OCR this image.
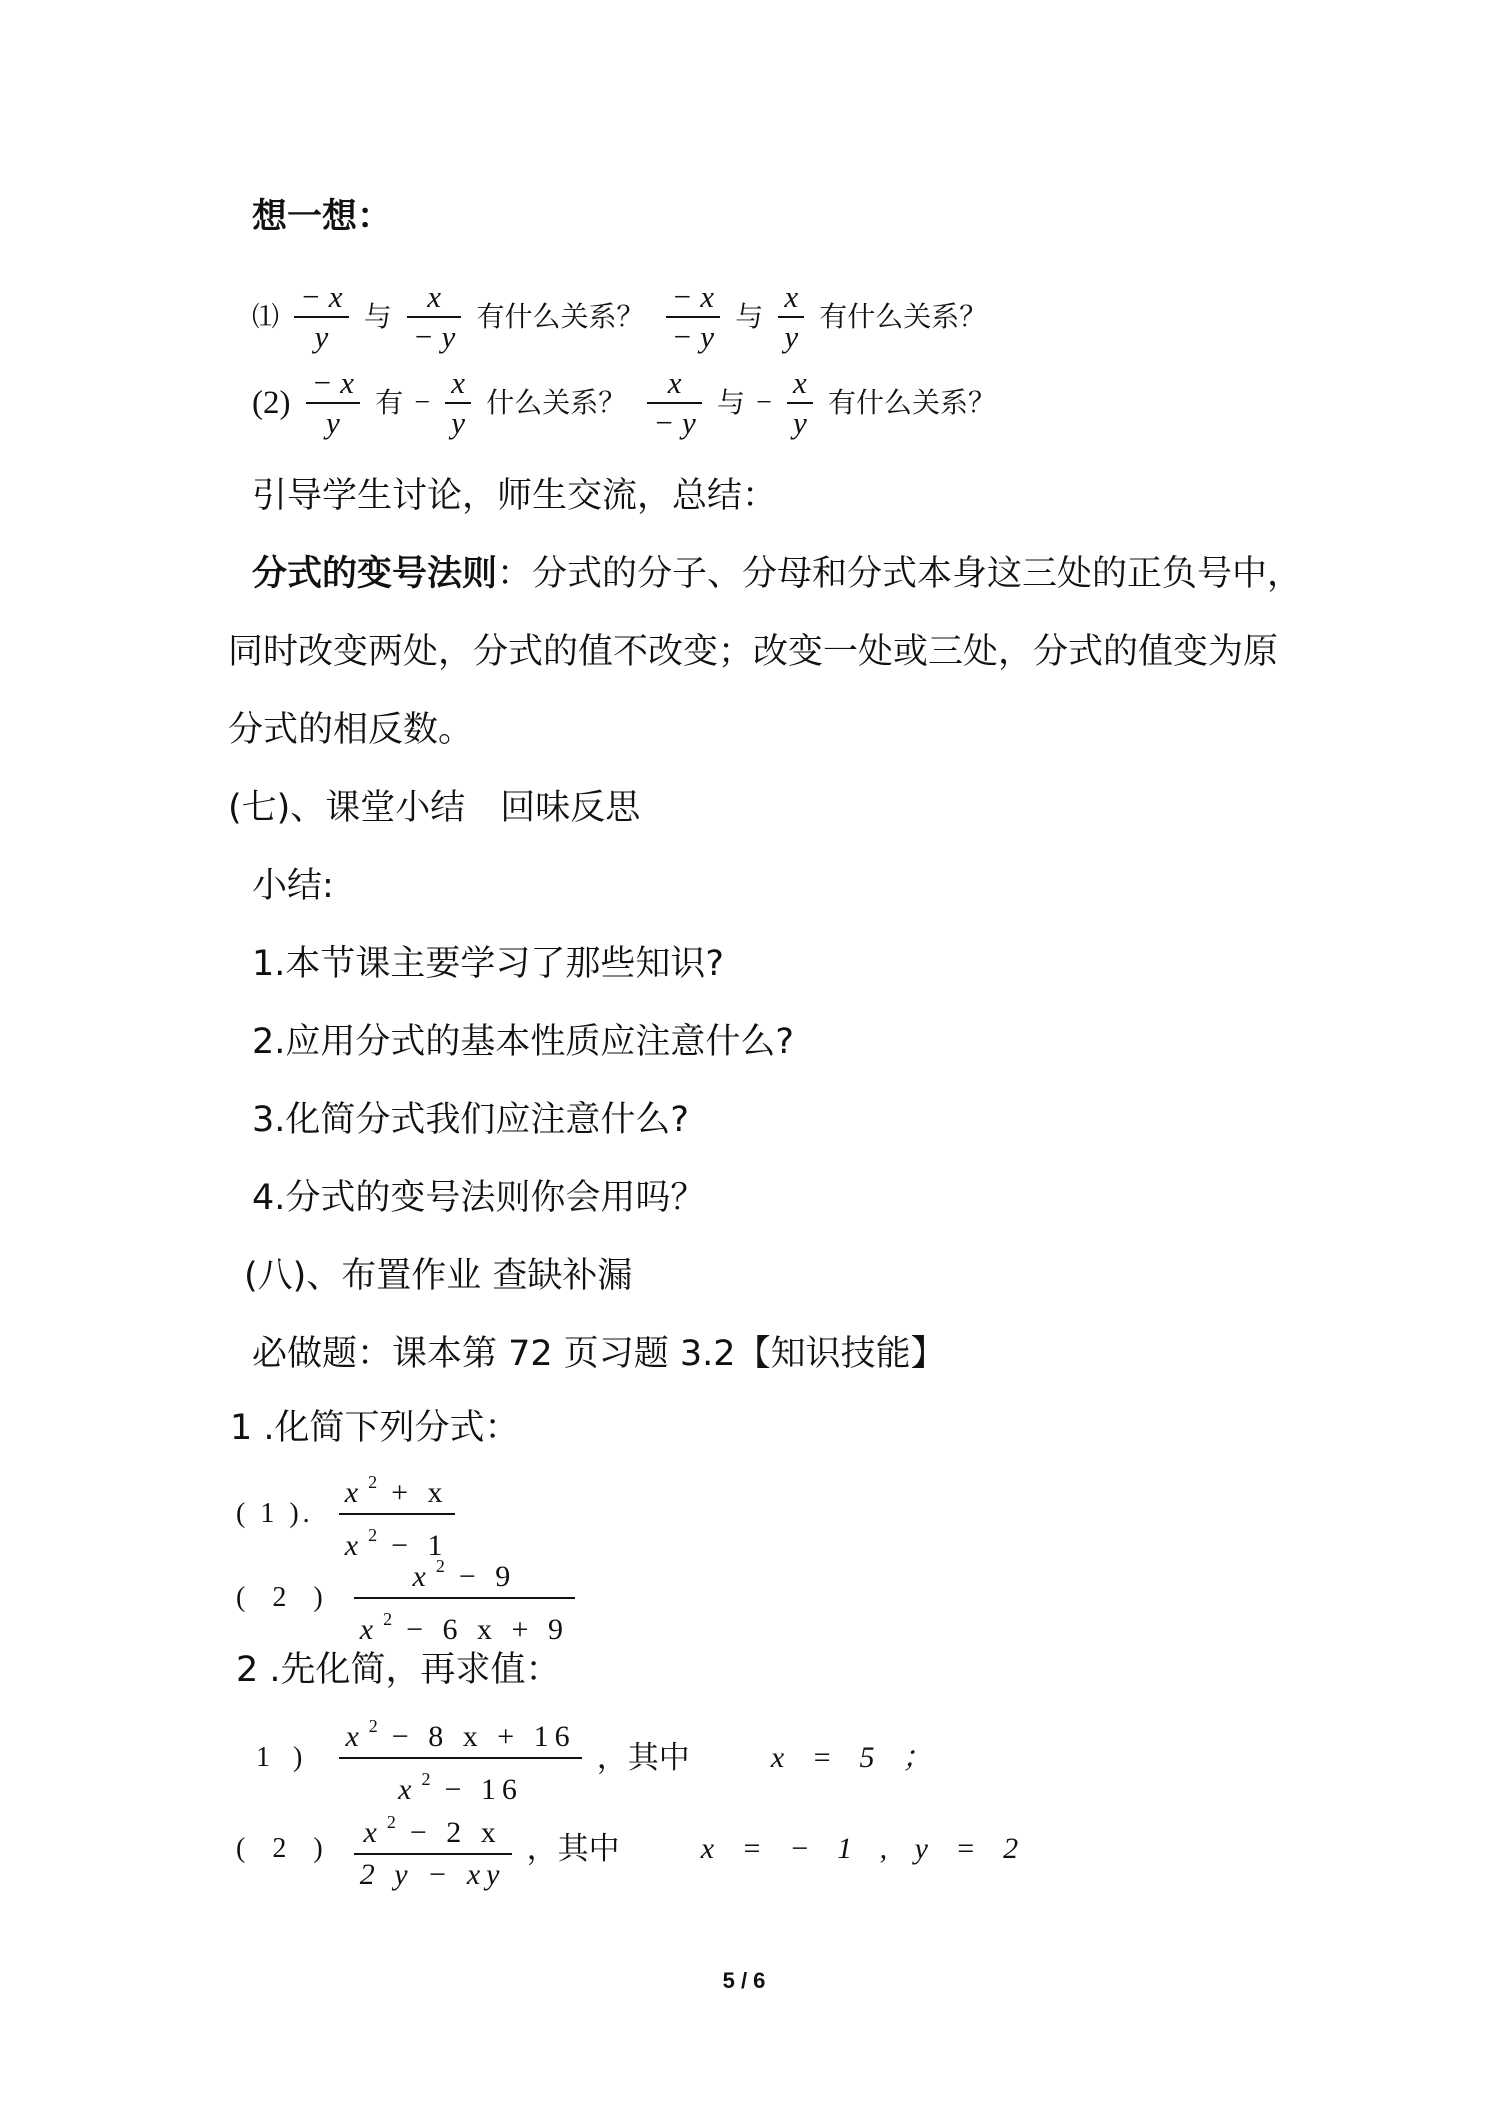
想一想：
⑴ $\frac{- x}{y}$ 与 $\frac{x}{- y}$ 有什么关系？ $\frac{- x}{- y}$ 与 $\frac{x}{y}$ 有什么关系？
$(2) \frac{- x}{y}$ 有 − $\frac{x}{y}$ 什么关系？ $\frac{x}{- y}$ 与 − $\frac{x}{y}$ 有什么关系？
引导学生讨论，师生交流，总结：
分式的变号法则：分式的分子、分母和分式本身这三处的正负号中，
同时改变两处，分式的值不改变；改变一处或三处，分式的值变为原
分式的相反数。
(七)、课堂小结　回味反思
小结:
1.本节课主要学习了那些知识?
2.应用分式的基本性质应注意什么?
3.化简分式我们应注意什么?
4.分式的变号法则你会用吗？
(八)、布置作业 查缺补漏
必做题：课本第 72 页习题 3.2【知识技能】
1 .化简下列分式：
( 1 ). $\frac{x ^2 + x}{x ^2 - 1}$
( 2 ) $\frac{x ^2 - 9}{x ^2 - 6 x + 9}$
2 .先化简，再求值：
1 ) $\frac{x ^2 - 8 x + 16}{x ^2 - 16}$ ，其中	x = 5 ；
( 2 ) $\frac{x ^2 - 2 x}{2 y - xy}$ ，其中	x = − 1 , y = 2
5 / 6
